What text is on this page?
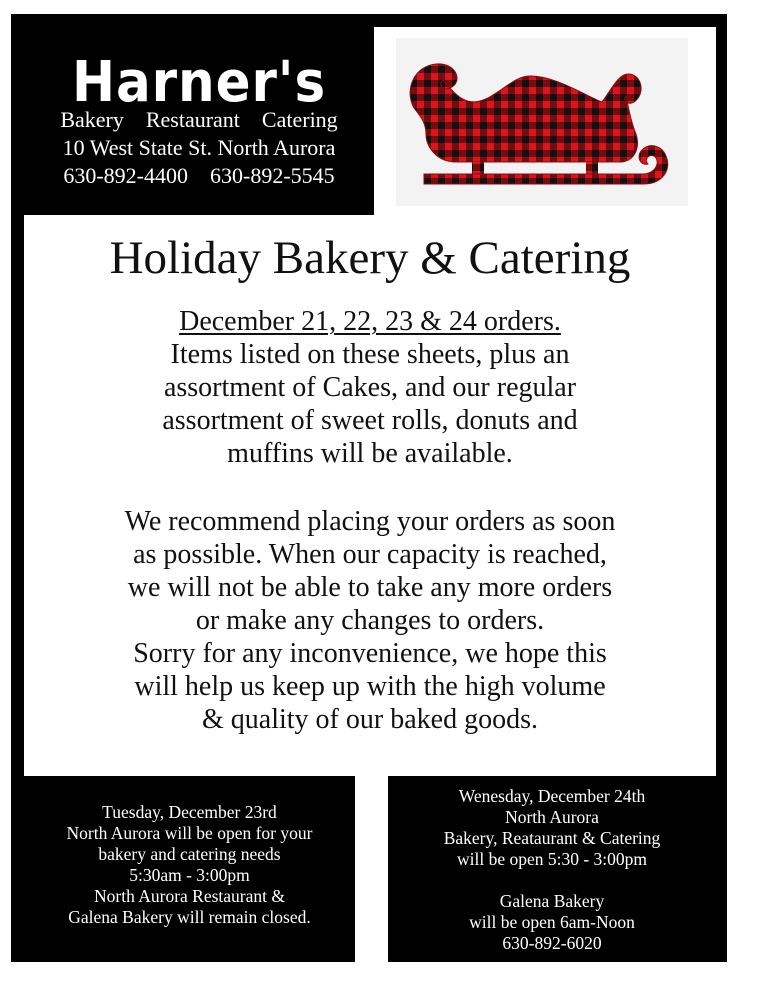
Harner's
Bakery    Restaurant    Catering
10 West State St. North Aurora
630-892-4400    630-892-5545
Holiday Bakery & Catering
December 21, 22, 23 & 24 orders.
Items listed on these sheets, plus an
assortment of Cakes, and our regular
assortment of sweet rolls, donuts and
muffins will be available.
We recommend placing your orders as soon
as possible. When our capacity is reached,
we will not be able to take any more orders
or make any changes to orders.
Sorry for any inconvenience, we hope this
will help us keep up with the high volume
& quality of our baked goods.
Tuesday, December 23rd
North Aurora will be open for your
bakery and catering needs
5:30am - 3:00pm
North Aurora Restaurant &
Galena Bakery will remain closed.
Wenesday, December 24th
North Aurora
Bakery, Reataurant & Catering
will be open 5:30 - 3:00pm
Galena Bakery
will be open 6am-Noon
630-892-6020
